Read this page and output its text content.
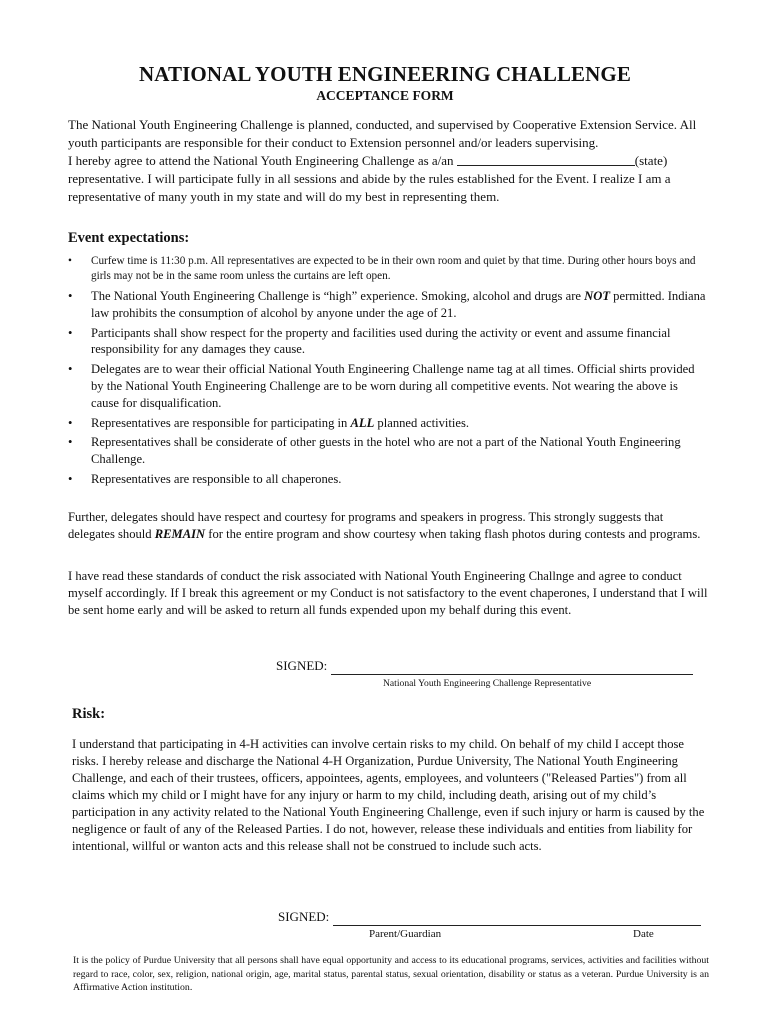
NATIONAL YOUTH ENGINEERING CHALLENGE
ACCEPTANCE FORM

The National Youth Engineering Challenge is planned, conducted, and supervised by Cooperative Extension Service. All youth participants are responsible for their conduct to Extension personnel and/or leaders supervising.

I hereby agree to attend the National Youth Engineering Challenge as a/an	(state)

representative. I will participate fully in all sessions and abide by the rules established for the Event. I realize I am a representative of many youth in my state and will do my best in representing them.

Event expectations:
• Curfew time is 11:30 p.m. All representatives are expected to be in their own room and quiet by that time. During other hours boys and girls may not be in the same room unless the curtains are left open.
• The National Youth Engineering Challenge is “high” experience. Smoking, alcohol and drugs are NOT permitted. Indiana law prohibits the consumption of alcohol by anyone under the age of 21.
• Participants shall show respect for the property and facilities used during the activity or event and assume financial responsibility for any damages they cause.
• Delegates are to wear their official National Youth Engineering Challenge name tag at all times. Official shirts provided by the National Youth Engineering Challenge are to be worn during all competitive events. Not wearing the above is cause for disqualification.
• Representatives are responsible for participating in ALL planned activities.
• Representatives shall be considerate of other guests in the hotel who are not a part of the National Youth Engineering Challenge.
• Representatives are responsible to all chaperones.

Further, delegates should have respect and courtesy for programs and speakers in progress. This strongly suggests that delegates should REMAIN for the entire program and show courtesy when taking flash photos during contests and programs.

I have read these standards of conduct the risk associated with National Youth Engineering Challnge and agree to conduct myself accordingly. If I break this agreement or my Conduct is not satisfactory to the event chaperones, I understand that I will be sent home early and will be asked to return all funds expended upon my behalf during this event.

SIGNED:
National Youth Engineering Challenge Representative
Risk:

I understand that participating in 4-H activities can involve certain risks to my child. On behalf of my child I accept those risks. I hereby release and discharge the National 4-H Organization, Purdue University, The National Youth Engineering Challenge, and each of their trustees, officers, appointees, agents, employees, and volunteers ("Released Parties") from all claims which my child or I might have for any injury or harm to my child, including death, arising out of my child’s participation in any activity related to the National Youth Engineering Challenge, even if such injury or harm is caused by the negligence or fault of any of the Released Parties. I do not, however, release these individuals and entities from liability for intentional, willful or wanton acts and this release shall not be construed to include such acts.

SIGNED:
Parent/Guardian	Date

It is the policy of Purdue University that all persons shall have equal opportunity and access to its educational programs, services, activities and facilities without regard to race, color, sex, religion, national origin, age, marital status, parental status, sexual orientation, disability or status as a veteran. Purdue University is an Affirmative Action institution.
